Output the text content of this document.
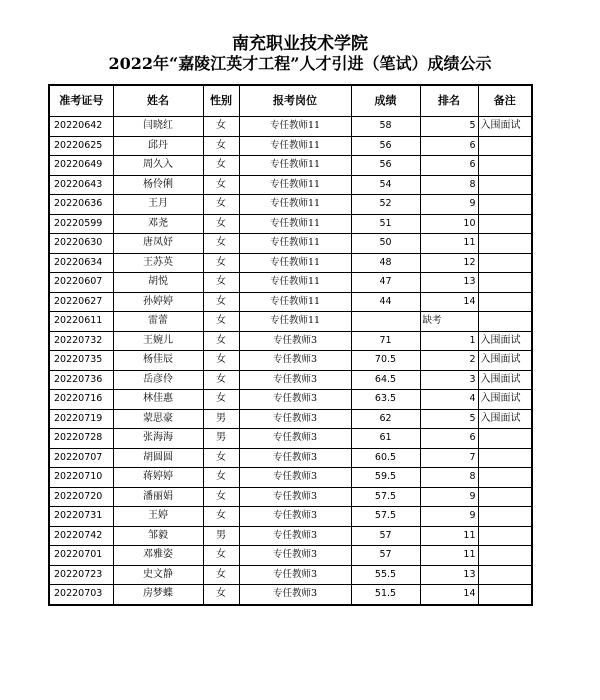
南充职业技术学院
2022年“嘉陵江英才工程”人才引进（笔试）成绩公示
准考证号	姓名	性别	报考岗位	成绩	排名	备注
20220642	闫晓红	女	专任教师11	58	5	入围面试
20220625	邱丹	女	专任教师11	56	6	
20220649	周久入	女	专任教师11	56	6	
20220643	杨伶俐	女	专任教师11	54	8	
20220636	王月	女	专任教师11	52	9	
20220599	邓尧	女	专任教师11	51	10	
20220630	唐凤妤	女	专任教师11	50	11	
20220634	王苏英	女	专任教师11	48	12	
20220607	胡悦	女	专任教师11	47	13	
20220627	孙婷婷	女	专任教师11	44	14	
20220611	雷蕾	女	专任教师11		缺考	
20220732	王婉儿	女	专任教师3	71	1	入围面试
20220735	杨佳辰	女	专任教师3	70.5	2	入围面试
20220736	岳彦伶	女	专任教师3	64.5	3	入围面试
20220716	林佳惠	女	专任教师3	63.5	4	入围面试
20220719	蒙思豪	男	专任教师3	62	5	入围面试
20220728	张海海	男	专任教师3	61	6	
20220707	胡圆圆	女	专任教师3	60.5	7	
20220710	蒋婷婷	女	专任教师3	59.5	8	
20220720	潘丽娟	女	专任教师3	57.5	9	
20220731	王婷	女	专任教师3	57.5	9	
20220742	邹毅	男	专任教师3	57	11	
20220701	邓雅姿	女	专任教师3	57	11	
20220723	史文静	女	专任教师3	55.5	13	
20220703	房梦蝶	女	专任教师3	51.5	14	
